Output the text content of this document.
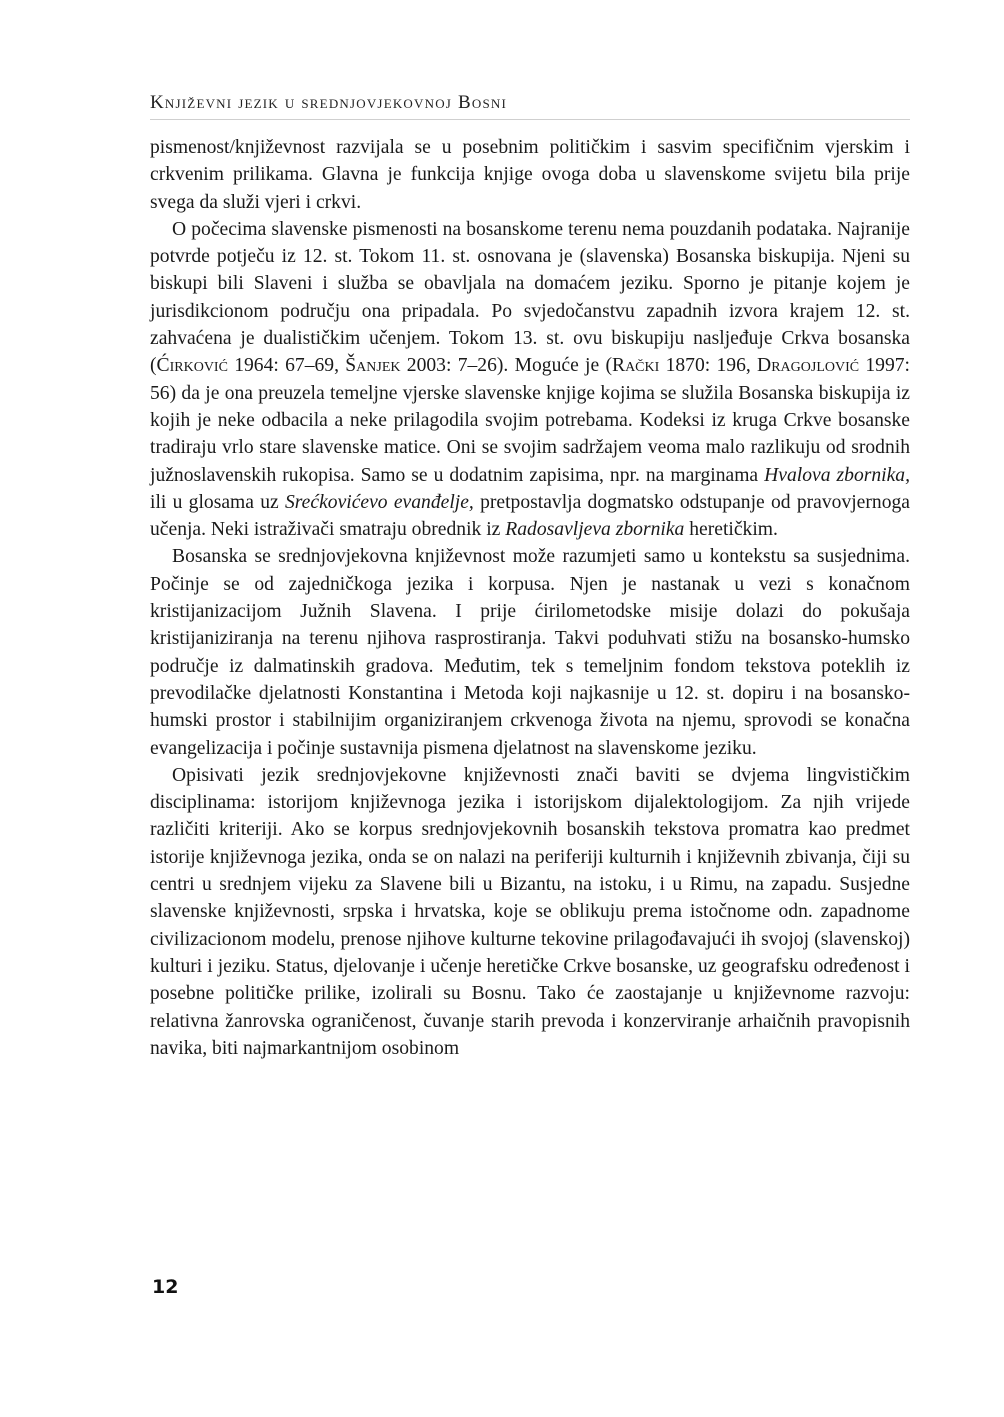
Književni jezik u srednjovjekovnoj Bosni

pismenost/književnost razvijala se u posebnim političkim i sasvim specifičnim vjerskim i crkvenim prilikama. Glavna je funkcija knjige ovoga doba u slavenskome svijetu bila prije svega da služi vjeri i crkvi.

O počecima slavenske pismenosti na bosanskome terenu nema pouzdanih podataka. Najranije potvrde potječu iz 12. st. Tokom 11. st. osnovana je (slavenska) Bosanska biskupija. Njeni su biskupi bili Slaveni i služba se obavljala na domaćem jeziku. Sporno je pitanje kojem je jurisdikcionom području ona pripadala. Po svjedočanstvu zapadnih izvora krajem 12. st. zahvaćena je dualističkim učenjem. Tokom 13. st. ovu biskupiju nasljeđuje Crkva bosanska (Ćirković 1964: 67–69, Šanjek 2003: 7–26). Moguće je (Rački 1870: 196, Dragojlović 1997: 56) da je ona preuzela temeljne vjerske slavenske knjige kojima se služila Bosanska biskupija iz kojih je neke odbacila a neke prilagodila svojim potrebama. Kodeksi iz kruga Crkve bosanske tradiraju vrlo stare slavenske matice. Oni se svojim sadržajem veoma malo razlikuju od srodnih južnoslavenskih rukopisa. Samo se u dodatnim zapisima, npr. na marginama Hvalova zbornika, ili u glosama uz Srećkovićevo evanđelje, pretpostavlja dogmatsko odstupanje od pravovjernoga učenja. Neki istraživači smatraju obrednik iz Radosavljeva zbornika heretičkim.

Bosanska se srednjovjekovna književnost može razumjeti samo u kontekstu sa susjednima. Počinje se od zajedničkoga jezika i korpusa. Njen je nastanak u vezi s konačnom kristijanizacijom Južnih Slavena. I prije ćirilometodske misije dolazi do pokušaja kristijaniziranja na terenu njihova rasprostiranja. Takvi poduhvati stižu na bosansko-humsko područje iz dalmatinskih gradova. Međutim, tek s temeljnim fondom tekstova poteklih iz prevodilačke djelatnosti Konstantina i Metoda koji najkasnije u 12. st. dopiru i na bosansko-humski prostor i stabilnijim organiziranjem crkvenoga života na njemu, sprovodi se konačna evangelizacija i počinje sustavnija pismena djelatnost na slavenskome jeziku.

Opisivati jezik srednjovjekovne književnosti znači baviti se dvjema lingvističkim disciplinama: istorijom književnoga jezika i istorijskom dijalektologijom. Za njih vrijede različiti kriteriji. Ako se korpus srednjovjekovnih bosanskih tekstova promatra kao predmet istorije književnoga jezika, onda se on nalazi na periferiji kulturnih i književnih zbivanja, čiji su centri u srednjem vijeku za Slavene bili u Bizantu, na istoku, i u Rimu, na zapadu. Susjedne slavenske književnosti, srpska i hrvatska, koje se oblikuju prema istočnome odn. zapadnome civilizacionom modelu, prenose njihove kulturne tekovine prilagođavajući ih svojoj (slavenskoj) kulturi i jeziku. Status, djelovanje i učenje heretičke Crkve bosanske, uz geografsku određenost i posebne političke prilike, izolirali su Bosnu. Tako će zaostajanje u književnome razvoju: relativna žanrovska ograničenost, čuvanje starih prevoda i konzerviranje arhaičnih pravopisnih navika, biti najmarkantnijom osobinom

12
